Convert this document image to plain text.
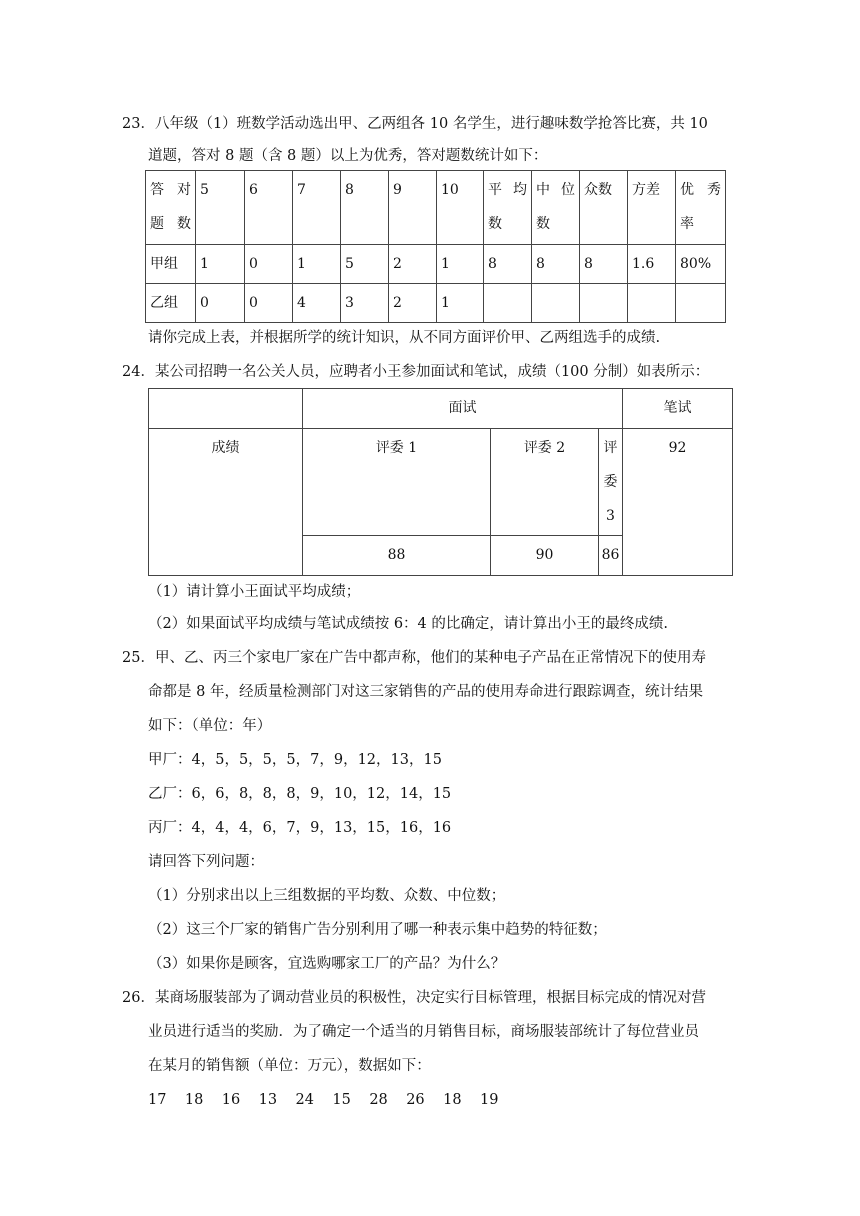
23．八年级（1）班数学活动选出甲、乙两组各 10 名学生，进行趣味数学抢答比赛，共 10
道题，答对 8 题（含 8 题）以上为优秀，答对题数统计如下：
答对题数	5	6	7	8	9	10	平均数	中位数	众数	方差	优秀率
甲组	1	0	1	5	2	1	8	8	8	1.6	80%
乙组	0	0	4	3	2	1					
请你完成上表，并根据所学的统计知识，从不同方面评价甲、乙两组选手的成绩.
24．某公司招聘一名公关人员，应聘者小王参加面试和笔试，成绩（100 分制）如表所示：
	面试			笔试
成绩	评委 1	评委 2	评委3	92
	88	90	86	
（1）请计算小王面试平均成绩；
（2）如果面试平均成绩与笔试成绩按 6：4 的比确定，请计算出小王的最终成绩.
25．甲、乙、丙三个家电厂家在广告中都声称，他们的某种电子产品在正常情况下的使用寿
命都是 8 年，经质量检测部门对这三家销售的产品的使用寿命进行跟踪调查，统计结果
如下：（单位：年）
甲厂：4，5，5，5，5，7，9，12，13，15
乙厂：6，6，8，8，8，9，10，12，14，15
丙厂：4，4，4，6，7，9，13，15，16，16
请回答下列问题：
（1）分别求出以上三组数据的平均数、众数、中位数；
（2）这三个厂家的销售广告分别利用了哪一种表示集中趋势的特征数；
（3）如果你是顾客，宜选购哪家工厂的产品？为什么？
26．某商场服装部为了调动营业员的积极性，决定实行目标管理，根据目标完成的情况对营
业员进行适当的奖励．为了确定一个适当的月销售目标，商场服装部统计了每位营业员
在某月的销售额（单位：万元），数据如下：
17    18    16    13    24    15    28    26    18    19
